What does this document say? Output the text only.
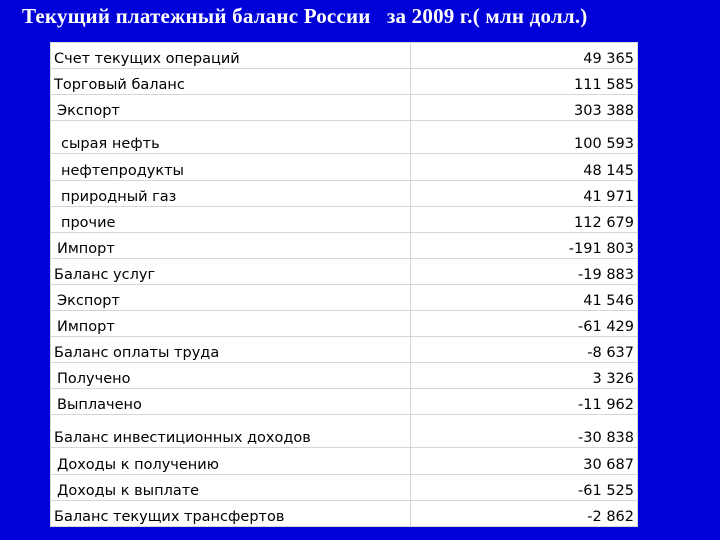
Текущий платежный баланс России   за 2009 г.( млн долл.)
Счет текущих операций	49 365
Торговый баланс	111 585
Экспорт	303 388
сырая нефть	100 593
нефтепродукты	48 145
природный газ	41 971
прочие	112 679
Импорт	-191 803
Баланс услуг	-19 883
Экспорт	41 546
Импорт	-61 429
Баланс оплаты труда	-8 637
Получено	3 326
Выплачено	-11 962
Баланс инвестиционных доходов	-30 838
Доходы к получению	30 687
Доходы к выплате	-61 525
Баланс текущих трансфертов	-2 862
